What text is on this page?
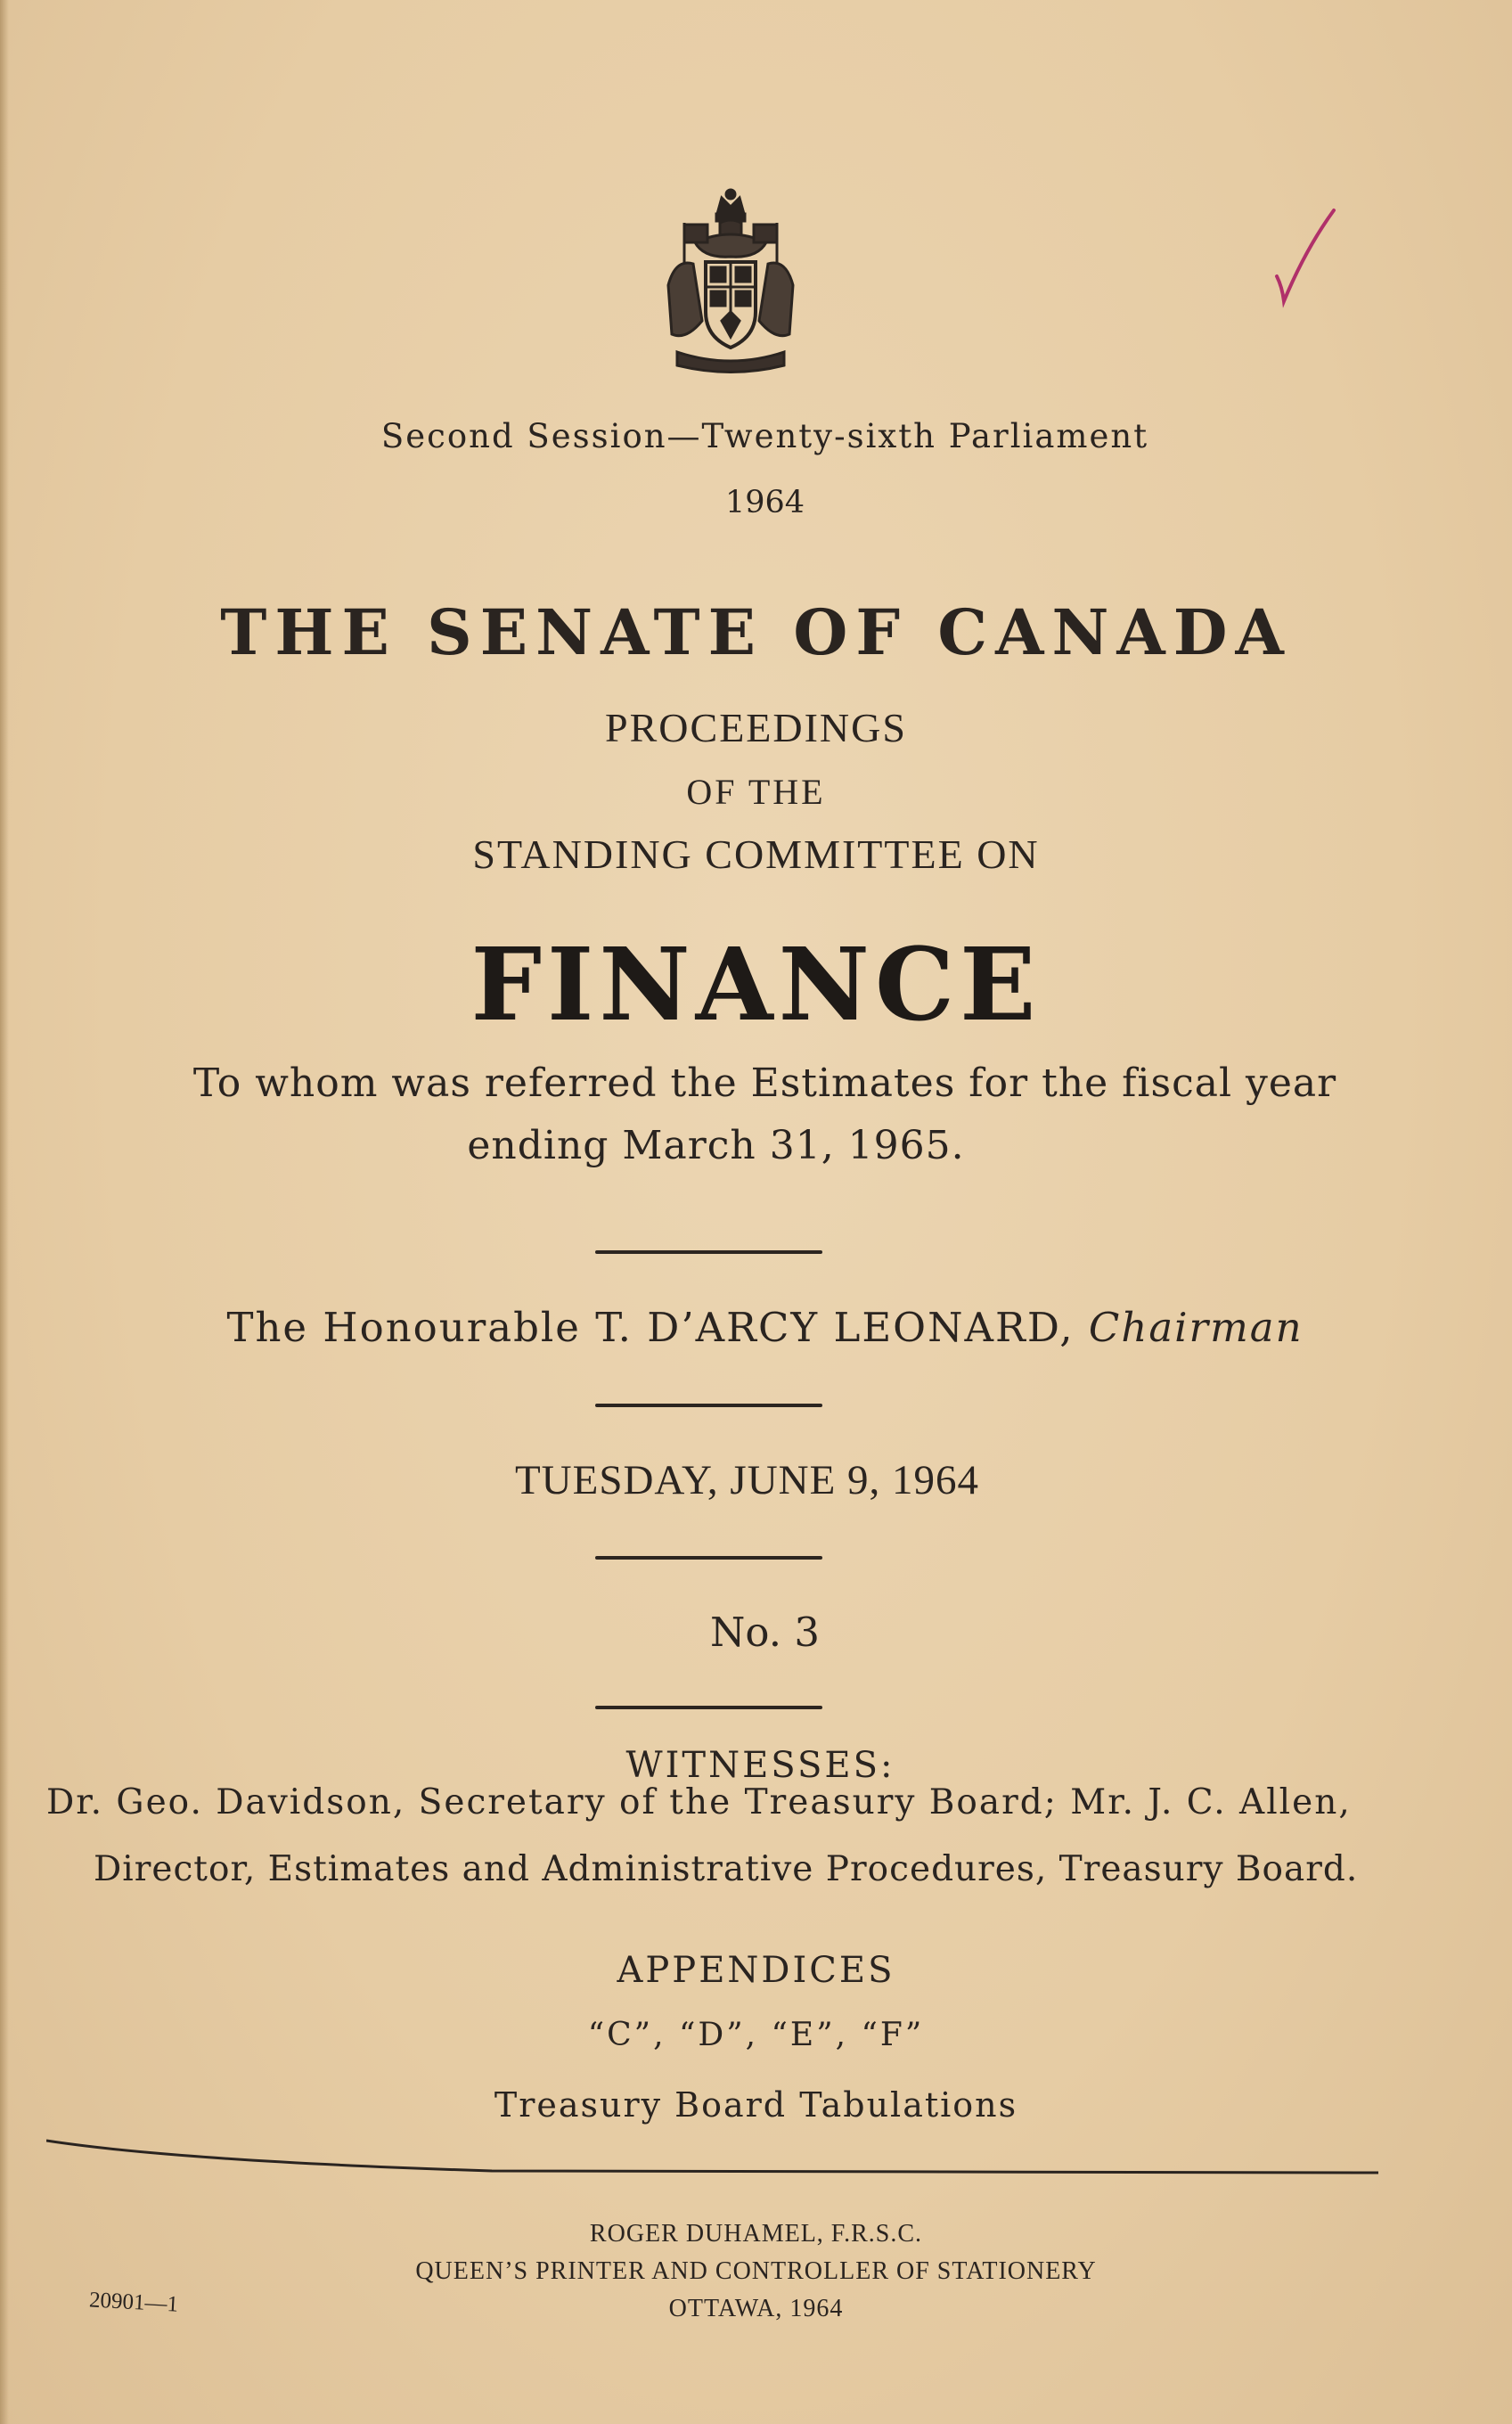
Second Session—Twenty-sixth Parliament
1964
THE SENATE OF CANADA
PROCEEDINGS
OF THE
STANDING COMMITTEE ON
FINANCE
To whom was referred the Estimates for the fiscal year
ending March 31, 1965.
The Honourable T. D’ARCY LEONARD, Chairman
TUESDAY, JUNE 9, 1964
No. 3
WITNESSES:
Dr. Geo. Davidson, Secretary of the Treasury Board; Mr. J. C. Allen,
Director, Estimates and Administrative Procedures, Treasury Board.
APPENDICES
“C”, “D”, “E”, “F”
Treasury Board Tabulations
ROGER DUHAMEL, F.R.S.C.
QUEEN’S PRINTER AND CONTROLLER OF STATIONERY
OTTAWA, 1964
20901—1
